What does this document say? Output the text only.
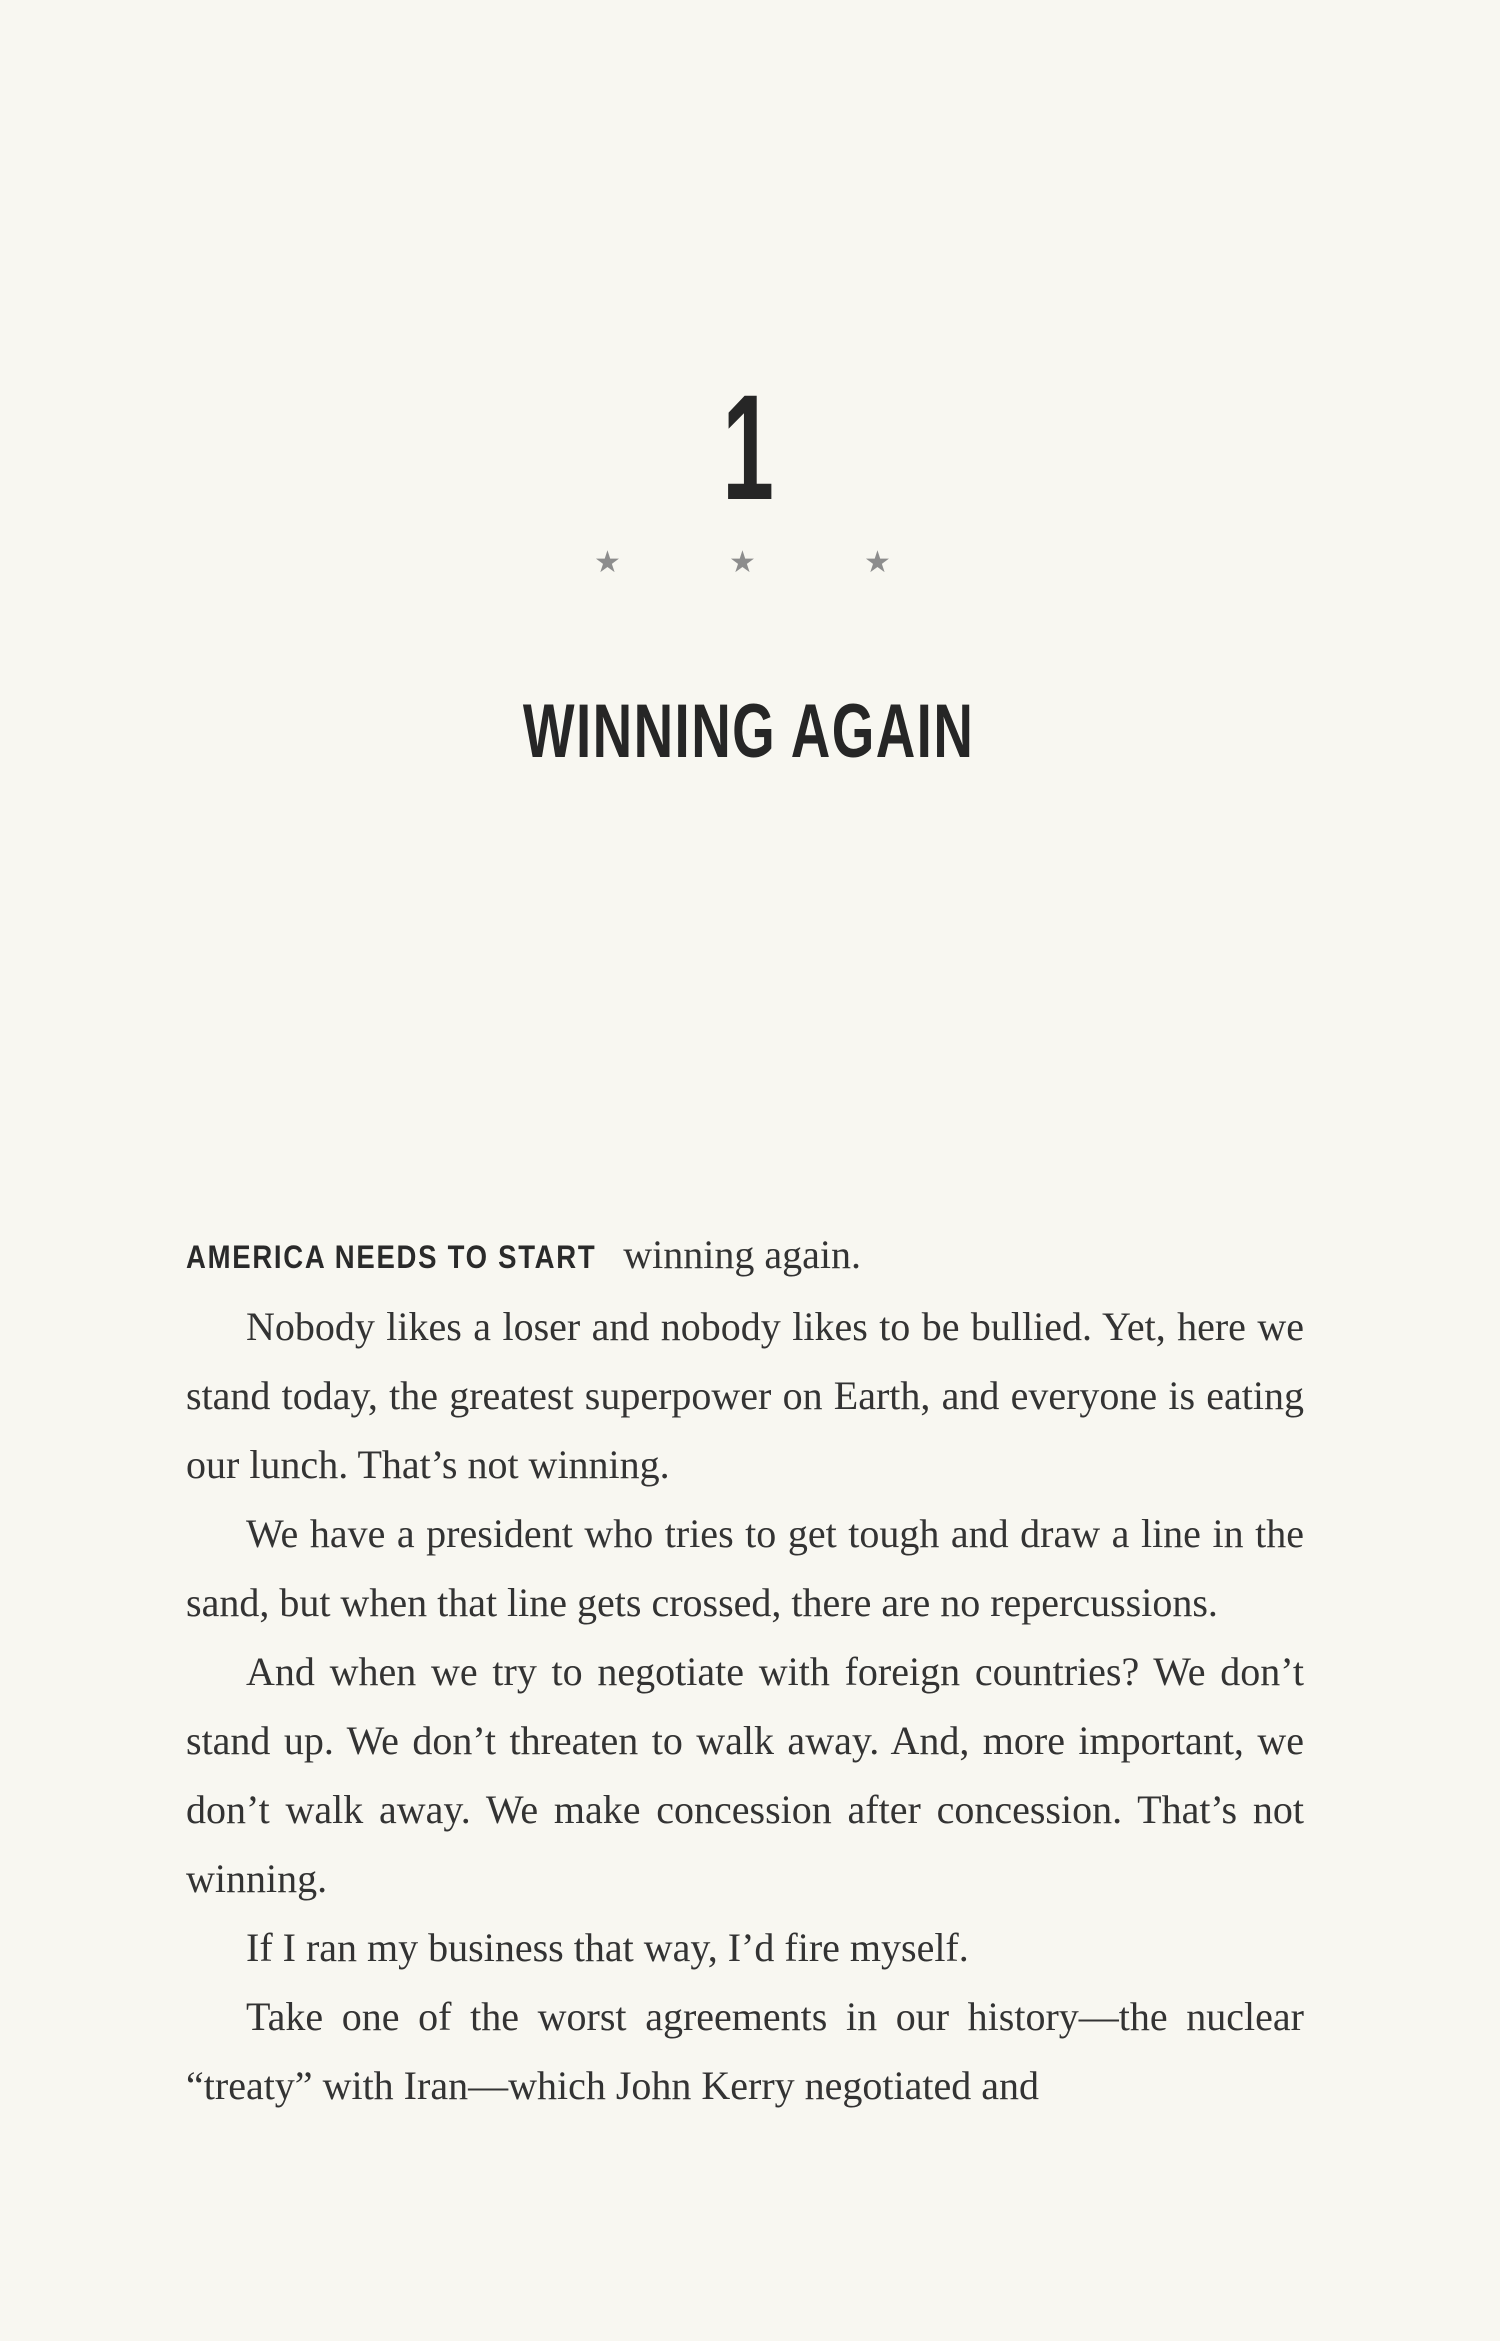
1
★	★	★
WINNING AGAIN

AMERICA NEEDS TO START winning again.

Nobody likes a loser and nobody likes to be bullied. Yet, here we stand today, the greatest superpower on Earth, and everyone is eating our lunch. That’s not winning.

We have a president who tries to get tough and draw a line in the sand, but when that line gets crossed, there are no repercussions.

And when we try to negotiate with foreign countries? We don’t stand up. We don’t threaten to walk away. And, more important, we don’t walk away. We make concession after concession. That’s not winning.

If I ran my business that way, I’d fire myself.

Take one of the worst agreements in our history—the nuclear “treaty” with Iran—which John Kerry negotiated and
